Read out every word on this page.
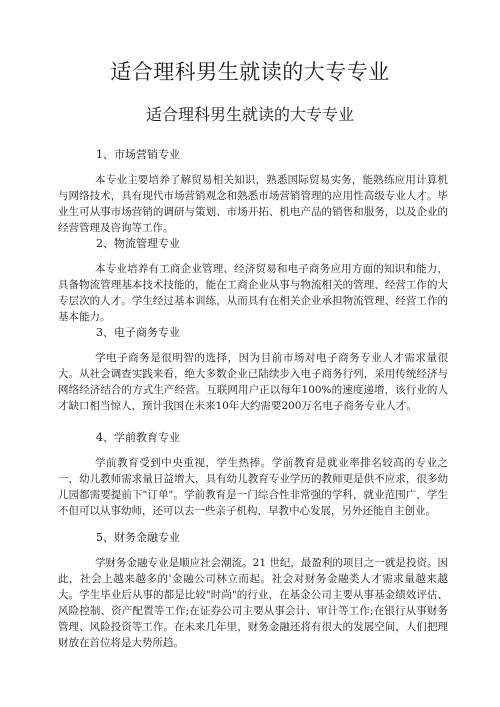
适合理科男生就读的大专专业
适合理科男生就读的大专专业
1、市场营销专业

本专业主要培养了解贸易相关知识，熟悉国际贸易实务，能熟练应用计算机与网络技术，具有现代市场营销观念和熟悉市场营销管理的应用性高级专业人才。毕业生可从事市场营销的调研与策划、市场开拓、机电产品的销售和服务，以及企业的经营管理及咨询等工作。

2、物流管理专业

本专业培养有工商企业管理、经济贸易和电子商务应用方面的知识和能力，具备物流管理基本技术技能的，能在工商企业从事与物流相关的管理、经营工作的大专层次的人才。学生经过基本训练，从而具有在相关企业承担物流管理、经营工作的基本能力。

3、电子商务专业

学电子商务是很明智的选择，因为目前市场对电子商务专业人才需求量很大。从社会调查实践来看，绝大多数企业已陆续步入电子商务行列，采用传统经济与网络经济结合的方式生产经营。互联网用户正以每年100%的速度递增，该行业的人才缺口相当惊人，预计我国在未来10年大约需要200万名电子商务专业人才。

4、学前教育专业

学前教育受到中央重视，学生热捧。学前教育是就业率排名较高的专业之一，幼儿教师需求量日益增大，具有幼儿教育专业学历的教师更是供不应求，很多幼儿园都需要提前下"订单"。学前教育是一门综合性非常强的学科，就业范围广，学生不但可以从事幼师，还可以去一些亲子机构，早教中心发展，另外还能自主创业。

5、财务金融专业

学财务金融专业是顺应社会潮流。21 世纪，最盈利的项目之一就是投资。因此，社会上越来越多的'金融公司林立而起。社会对财务金融类人才需求量越来越大。学生毕业后从事的都是比较"时尚"的行业，在基金公司主要从事基金绩效评估、风险控制、资产配置等工作;在证券公司主要从事会计、审计等工作;在银行从事财务管理、风险投资等工作。在未来几年里，财务金融还将有很大的发展空间，人们把理财放在首位将是大势所趋。
